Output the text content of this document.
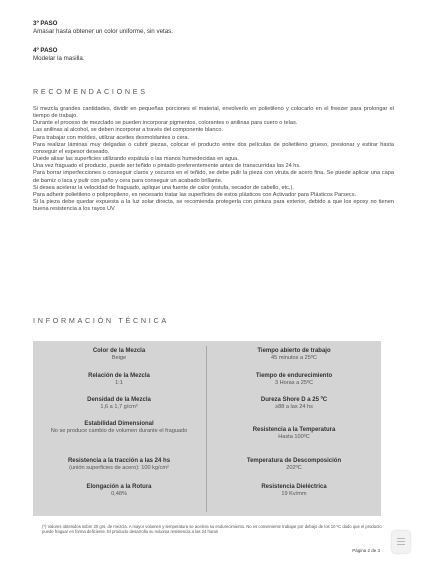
3º PASO
Amasar hasta obtener un color uniforme, sin vetas.
4º PASO
Modelar la masilla.
RECOMENDACIONES

Si mezcla grandes cantidades, dividir en pequeñas porciones el material, envolverlo en polietileno y colocarlo en el freezer para prolongar el tiempo de trabajo.

Durante el proceso de mezclado se pueden incorporar pigmentos, colorantes o anilinas para cuero o telas.

Las anilinas al alcohol, se deben incorporar a través del componente blanco.

Para trabajar con moldes, utilizar aceites desmoldantes o cera.

Para realizar láminas muy delgadas o cubrir piezas, colocar el producto entre dos películas de polietileno grueso, presionar y estirar hasta conseguir el espesor deseado.

Puede alisar las superficies utilizando espátula o las manos humedecidas en agua.

Una vez fraguado el producto, puede ser teñido o pintado preferentemente antes de transcurridas las 24 hs.

Para borrar imperfecciones o conseguir claros y oscuros en el teñido, se debe pulir la pieza con viruta de acero fina. Se puede aplicar una capa de barniz o laca y pulir con paño y cera para conseguir un acabado brillante.

Si desea acelerar la velocidad de fraguado, aplique una fuente de calor (estufa, secador de cabello, etc.).

Para adherir polietileno o polipropileno, es necesario tratar las superficies de estos plásticos con Activador para Plásticos Parsecs.

Si la pieza debe quedar expuesta a la luz solar directa, se recomienda protegerla con pintura para exterior, debido a que los epoxy no tienen buena resistencia a los rayos UV

INFORMACIÓN TÉCNICA
Color de la Mezcla
Beige
Tiempo abierto de trabajo
45 minutos a 25ºC
Relación de la Mezcla
1:1
Tiempo de endurecimiento
3 Horas a 25ºC
Densidad de la Mezcla
1,6 a 1,7 g/cm³
Dureza Shore D a 25 ºC
≥88 a las 24 hs
Estabilidad Dimensional
No se produce cambio de volumen durante el fraguado	Resistencia a la Temperatura
Hasta 100ºC
Resistencia a la tracción a las 24 hs
(unión superficies de acero): 100 kg/cm²
Temperatura de Descomposición
202ºC
Elongación a la Rotura
0,48%
Resistencia Dieléctrica
19 Kv/mm
(*) Valores obtenidos sobre 20 grs. de mezcla. A mayor volumen y temperatura se acelera su endurecimiento. No es conveniente trabajar por debajo de los 10 ºC dado que el producto puede fraguar en forma deficiente. El producto desarrolla su máxima resistencia a las 24 horas
Página 2 de 3
